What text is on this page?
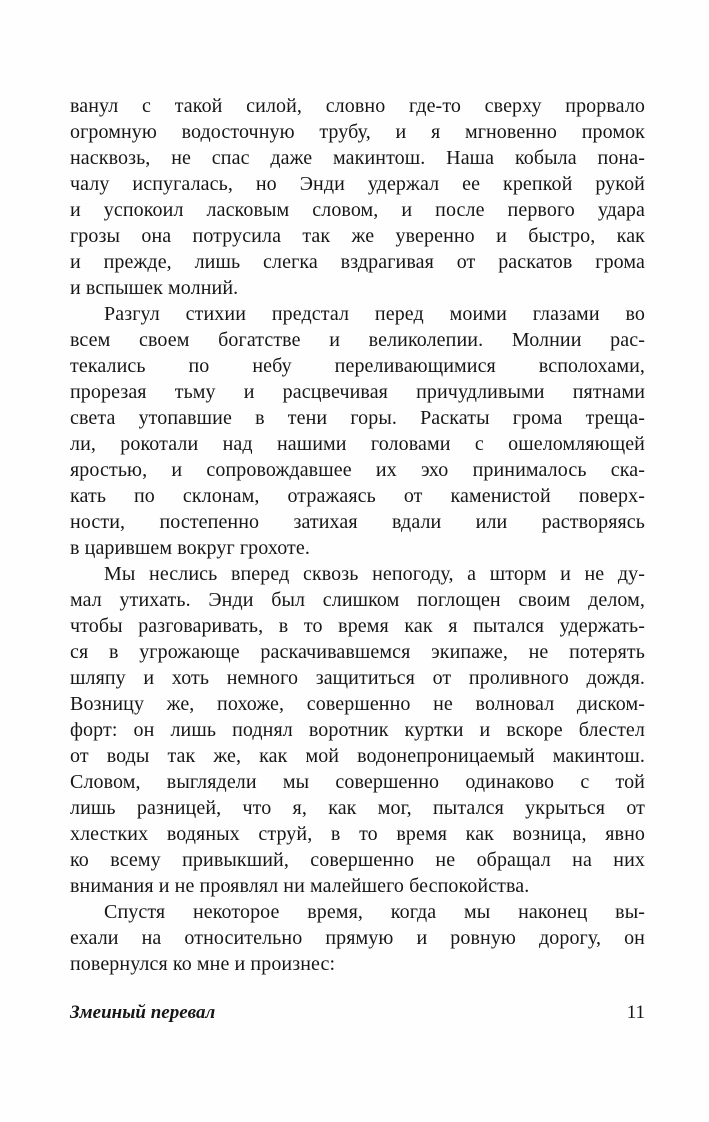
ванул с такой силой, словно где-то сверху прорвало
огромную водосточную трубу, и я мгновенно промок
насквозь, не спас даже макинтош. Наша кобыла пона-
чалу испугалась, но Энди удержал ее крепкой рукой
и успокоил ласковым словом, и после первого удара
грозы она потрусила так же уверенно и быстро, как
и прежде, лишь слегка вздрагивая от раскатов грома
и вспышек молний.
Разгул стихии предстал перед моими глазами во
всем своем богатстве и великолепии. Молнии рас-
текались по небу переливающимися всполохами,
прорезая тьму и расцвечивая причудливыми пятнами
света утопавшие в тени горы. Раскаты грома треща-
ли, рокотали над нашими головами с ошеломляющей
яростью, и сопровождавшее их эхо принималось ска-
кать по склонам, отражаясь от каменистой поверх-
ности, постепенно затихая вдали или растворяясь
в царившем вокруг грохоте.
Мы неслись вперед сквозь непогоду, а шторм и не ду-
мал утихать. Энди был слишком поглощен своим делом,
чтобы разговаривать, в то время как я пытался удержать-
ся в угрожающе раскачивавшемся экипаже, не потерять
шляпу и хоть немного защититься от проливного дождя.
Возницу же, похоже, совершенно не волновал диском-
форт: он лишь поднял воротник куртки и вскоре блестел
от воды так же, как мой водонепроницаемый макинтош.
Словом, выглядели мы совершенно одинаково с той
лишь разницей, что я, как мог, пытался укрыться от
хлестких водяных струй, в то время как возница, явно
ко всему привыкший, совершенно не обращал на них
внимания и не проявлял ни малейшего беспокойства.
Спустя некоторое время, когда мы наконец вы-
ехали на относительно прямую и ровную дорогу, он
повернулся ко мне и произнес:
Змеиный перевал	11
